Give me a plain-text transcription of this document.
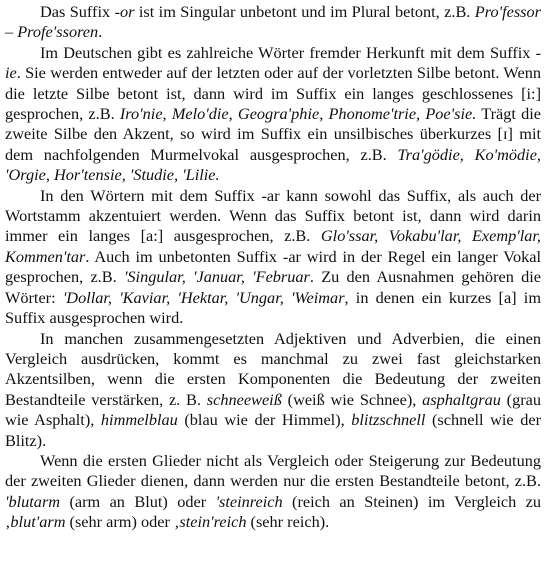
Das Suffix -or ist im Singular unbetont und im Plural betont, z.B. Pro'fessor – Profe'ssoren.

Im Deutschen gibt es zahlreiche Wörter fremder Herkunft mit dem Suffix -ie. Sie werden entweder auf der letzten oder auf der vorletzten Silbe betont. Wenn die letzte Silbe betont ist, dann wird im Suffix ein langes geschlossenes [i:] gesprochen, z.B. Iro'nie, Melo'die, Geogra'phie, Phonome'trie, Poe'sie. Trägt die zweite Silbe den Akzent, so wird im Suffix ein unsilbisches überkurzes [ɪ] mit dem nachfolgenden Murmelvokal ausgesprochen, z.B. Tra'gödie, Ko'mödie, 'Orgie, Hor'tensie, 'Studie, 'Lilie.

In den Wörtern mit dem Suffix -ar kann sowohl das Suffix, als auch der Wortstamm akzentuiert werden. Wenn das Suffix betont ist, dann wird darin immer ein langes [a:] ausgesprochen, z.B. Glo'ssar, Vokabu'lar, Exemp'lar, Kommen'tar. Auch im unbetonten Suffix -ar wird in der Regel ein langer Vokal gesprochen, z.B. 'Singular, 'Januar, 'Februar. Zu den Ausnahmen gehören die Wörter: 'Dollar, 'Kaviar, 'Hektar, 'Ungar, 'Weimar, in denen ein kurzes [a] im Suffix ausgesprochen wird.

In manchen zusammengesetzten Adjektiven und Adverbien, die einen Vergleich ausdrücken, kommt es manchmal zu zwei fast gleichstarken Akzentsilben, wenn die ersten Komponenten die Bedeutung der zweiten Bestandteile verstärken, z. B. schneeweiß (weiß wie Schnee), asphaltgrau (grau wie Asphalt), himmelblau (blau wie der Himmel), blitzschnell (schnell wie der Blitz).

Wenn die ersten Glieder nicht als Vergleich oder Steigerung zur Bedeutung der zweiten Glieder dienen, dann werden nur die ersten Bestandteile betont, z.B. 'blutarm (arm an Blut) oder 'steinreich (reich an Steinen) im Vergleich zu ‚blut'arm (sehr arm) oder ‚stein'reich (sehr reich).
